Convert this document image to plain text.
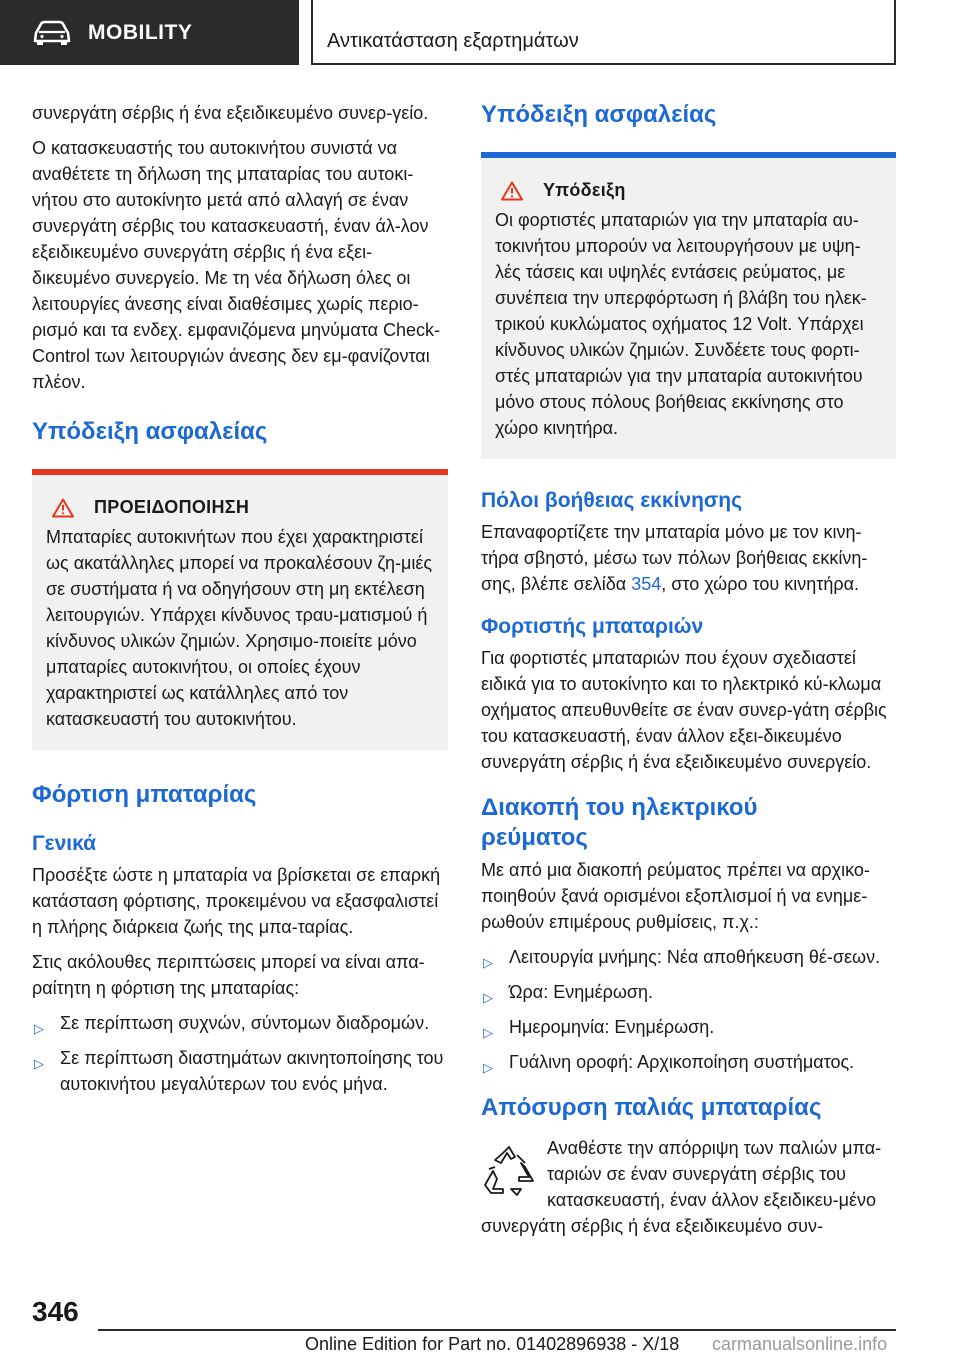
MOBILITY	Αντικατάσταση εξαρτημάτων
συνεργάτη σέρβις ή ένα εξειδικευμένο συνερ-γείο.
Ο κατασκευαστής του αυτοκινήτου συνιστά να αναθέτετε τη δήλωση της μπαταρίας του αυτοκι-νήτου στο αυτοκίνητο μετά από αλλαγή σε έναν συνεργάτη σέρβις του κατασκευαστή, έναν άλ-λον εξειδικευμένο συνεργάτη σέρβις ή ένα εξει-δικευμένο συνεργείο. Με τη νέα δήλωση όλες οι λειτουργίες άνεσης είναι διαθέσιμες χωρίς περιο-ρισμό και τα ενδεχ. εμφανιζόμενα μηνύματα Check-Control των λειτουργιών άνεσης δεν εμ-φανίζονται πλέον.
Υπόδειξη ασφαλείας
ΠΡΟΕΙΔΟΠΟΙΗΣΗ
Μπαταρίες αυτοκινήτων που έχει χαρακτηριστεί ως ακατάλληλες μπορεί να προκαλέσουν ζη-μιές σε συστήματα ή να οδηγήσουν στη μη εκτέλεση λειτουργιών. Υπάρχει κίνδυνος τραυ-ματισμού ή κίνδυνος υλικών ζημιών. Χρησιμο-ποιείτε μόνο μπαταρίες αυτοκινήτου, οι οποίες έχουν χαρακτηριστεί ως κατάλληλες από τον κατασκευαστή του αυτοκινήτου.
Φόρτιση μπαταρίας
Γενικά
Προσέξτε ώστε η μπαταρία να βρίσκεται σε επαρκή κατάσταση φόρτισης, προκειμένου να εξασφαλιστεί η πλήρης διάρκεια ζωής της μπα-ταρίας.
Στις ακόλουθες περιπτώσεις μπορεί να είναι απα-ραίτητη η φόρτιση της μπαταρίας:
▷ Σε περίπτωση συχνών, σύντομων διαδρομών.
▷ Σε περίπτωση διαστημάτων ακινητοποίησης του αυτοκινήτου μεγαλύτερων του ενός μήνα.
Υπόδειξη ασφαλείας
Υπόδειξη
Οι φορτιστές μπαταριών για την μπαταρία αυ-τοκινήτου μπορούν να λειτουργήσουν με υψη-λές τάσεις και υψηλές εντάσεις ρεύματος, με συνέπεια την υπερφόρτωση ή βλάβη του ηλεκ-τρικού κυκλώματος οχήματος 12 Volt. Υπάρχει κίνδυνος υλικών ζημιών. Συνδέετε τους φορτι-στές μπαταριών για την μπαταρία αυτοκινήτου μόνο στους πόλους βοήθειας εκκίνησης στο χώρο κινητήρα.
Πόλοι βοήθειας εκκίνησης
Επαναφορτίζετε την μπαταρία μόνο με τον κινη-τήρα σβηστό, μέσω των πόλων βοήθειας εκκίνη-σης, βλέπε σελίδα 354, στο χώρο του κινητήρα.
Φορτιστής μπαταριών
Για φορτιστές μπαταριών που έχουν σχεδιαστεί ειδικά για το αυτοκίνητο και το ηλεκτρικό κύ-κλωμα οχήματος απευθυνθείτε σε έναν συνερ-γάτη σέρβις του κατασκευαστή, έναν άλλον εξει-δικευμένο συνεργάτη σέρβις ή ένα εξειδικευμένο συνεργείο.
Διακοπή του ηλεκτρικού ρεύματος
Με από μια διακοπή ρεύματος πρέπει να αρχικο-ποιηθούν ξανά ορισμένοι εξοπλισμοί ή να ενημε-ρωθούν επιμέρους ρυθμίσεις, π.χ.:
▷ Λειτουργία μνήμης: Νέα αποθήκευση θέ-σεων.
▷ Ώρα: Ενημέρωση.
▷ Ημερομηνία: Ενημέρωση.
▷ Γυάλινη οροφή: Αρχικοποίηση συστήματος.
Απόσυρση παλιάς μπαταρίας
Αναθέστε την απόρριψη των παλιών μπα-ταριών σε έναν συνεργάτη σέρβις του κατασκευαστή, έναν άλλον εξειδικευ-μένο συνεργάτη σέρβις ή ένα εξειδικευμένο συν-
346
Online Edition for Part no. 01402896938 - X/18 carmanualsonline.info
